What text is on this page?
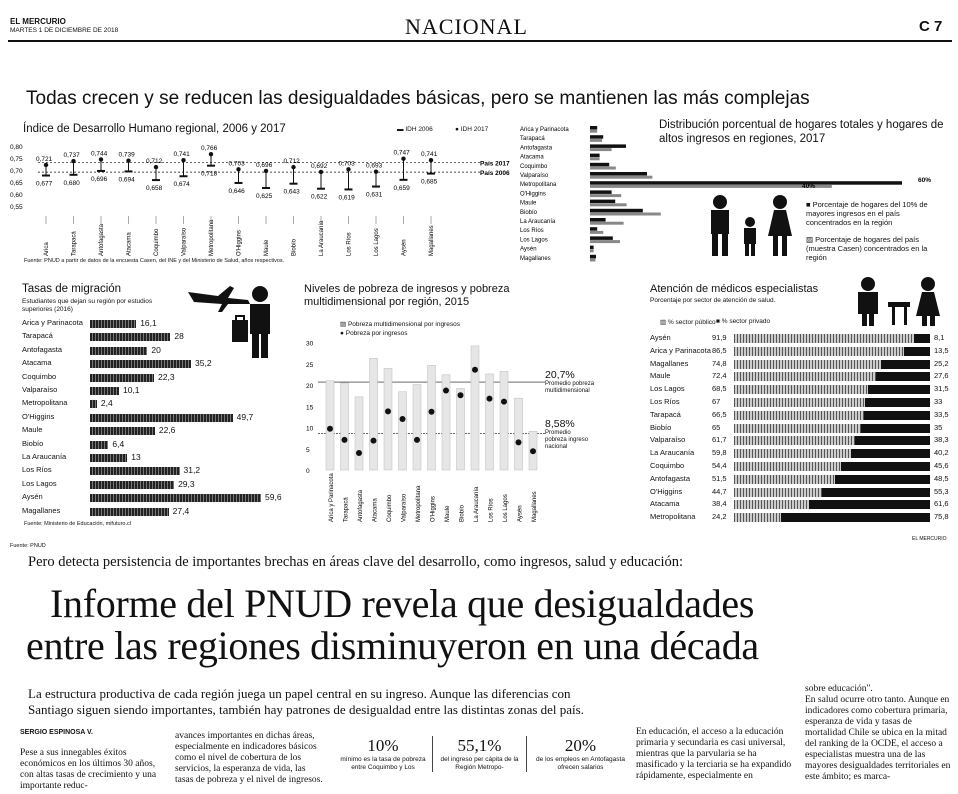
EL MERCURIO
MARTES 1 DE DICIEMBRE DE 2018	NACIONAL	C 7
Todas crecen y se reducen las desigualdades básicas, pero se mantienen las más complejas
Índice de Desarrollo Humano regional, 2006 y 2017	▬ IDH 2006	● IDH 2017
0,80
0,75
0,70
0,65
0,60
0,55
País 2017
País 2006
0,721
0,677
Arica
0,737
0,680
Tarapacá
0,744
0,696
Antofagasta
0,739
0,694
Atacama
0,712
0,658
Coquimbo
0,741
0,674
Valparaíso
0,766
0,718
Metropolitana
0,703
0,646
O'Higgins
0,696
0,625
Maule
0,712
0,643
Biobío
0,692
0,622
La Araucanía
0,703
0,619
Los Ríos
0,693
0,631
Los Lagos
0,747
0,659
Aysén
0,741
0,685
Magallanes
Fuente: PNUD a partir de datos de la encuesta Casen, del INE y del Ministerio de Salud, años respectivos.
Distribución porcentual de hogares totales y hogares de altos ingresos en regiones, 2017
Arica y Parinacota
Tarapacá
Antofagasta
Atacama
Coquimbo
Valparaíso
Metropolitana
O'Higgins
Maule
Biobío
La Araucanía
Los Ríos
Los Lagos
Aysén
Magallanes
40%
60%
■ Porcentaje de hogares del 10% de mayores ingresos en el país concentrados en la región
▨ Porcentaje de hogares del país (muestra Casen) concentrados en la región
Tasas de migración
Estudiantes que dejan su región por estudios superiores (2016)
Arica y Parinacota	16,1
Tarapacá	28
Antofagasta	20
Atacama	35,2
Coquimbo	22,3
Valparaíso	10,1
Metropolitana	2,4
O'Higgins	49,7
Maule	22,6
Biobío	6,4
La Araucanía	13
Los Ríos	31,2
Los Lagos	29,3
Aysén	59,6
Magallanes	27,4
Fuente: Ministerio de Educación, mifuturo.cl
Niveles de pobreza de ingresos y pobreza multidimensional por región, 2015
▨ Pobreza multidimensional por ingresos
● Pobreza por ingresos
30
25
20
15
10
5
0
Arica y Parinacota Tarapacá Antofagasta Atacama Coquimbo Valparaíso Metropolitana O'Higgins Maule Biobío La Araucanía Los Ríos Los Lagos Aysén Magallanes
20,7%
Promedio pobreza multidimensional
8,58%
Promedio pobreza ingreso nacional
Atención de médicos especialistas
Porcentaje por sector de atención de salud.
▥ % sector público ■ % sector privado
Aysén	91,9	8,1
Arica y Parinacota 86,5	13,5
Magallanes	74,8	25,2
Maule	72,4	27,6
Los Lagos	68,5	31,5
Los Ríos	67	33
Tarapacá	66,5	33,5
Biobío	65	35
Valparaíso	61,7	38,3
La Araucanía 59,8	40,2
Coquimbo	54,4	45,6
Antofagasta	51,5	48,5
O'Higgins	44,7	55,3
Atacama	38,4	61,6
Metropolitana 24,2	75,8
EL MERCURIO
Fuente: PNUD
Pero detecta persistencia de importantes brechas en áreas clave del desarrollo, como ingresos, salud y educación:
Informe del PNUD revela que desigualdades
entre las regiones disminuyeron en una década
La estructura productiva de cada región juega un papel central en su ingreso. Aunque las diferencias con
Santiago siguen siendo importantes, también hay patrones de desigualdad entre las distintas zonas del país.
SERGIO ESPINOSA V.
Pese a sus innegables éxitos económicos en los últimos 30 años, con altas tasas de crecimiento y una importante reduc-
avances importantes en dichas áreas, especialmente en indicadores básicos como el nivel de cobertura de los servicios, la esperanza de vida, las tasas de pobreza y el nivel de ingresos.
10%
mínimo es la tasa de pobreza entre Coquimbo y Los
55,1%
del ingreso per cápita de la Región Metropo-
20%
de los empleos en Antofagasta ofrecen salarios
En educación, el acceso a la educación primaria y secundaria es casi universal, mientras que la parvularia se ha masificado y la terciaria se ha expandido rápidamente, especialmente en
sobre educación".
En salud ocurre otro tanto. Aunque en indicadores como cobertura primaria, esperanza de vida y tasas de mortalidad Chile se ubica en la mitad del ranking de la OCDE, el acceso a especialistas muestra una de las mayores desigualdades territoriales en este ámbito; es marca-
